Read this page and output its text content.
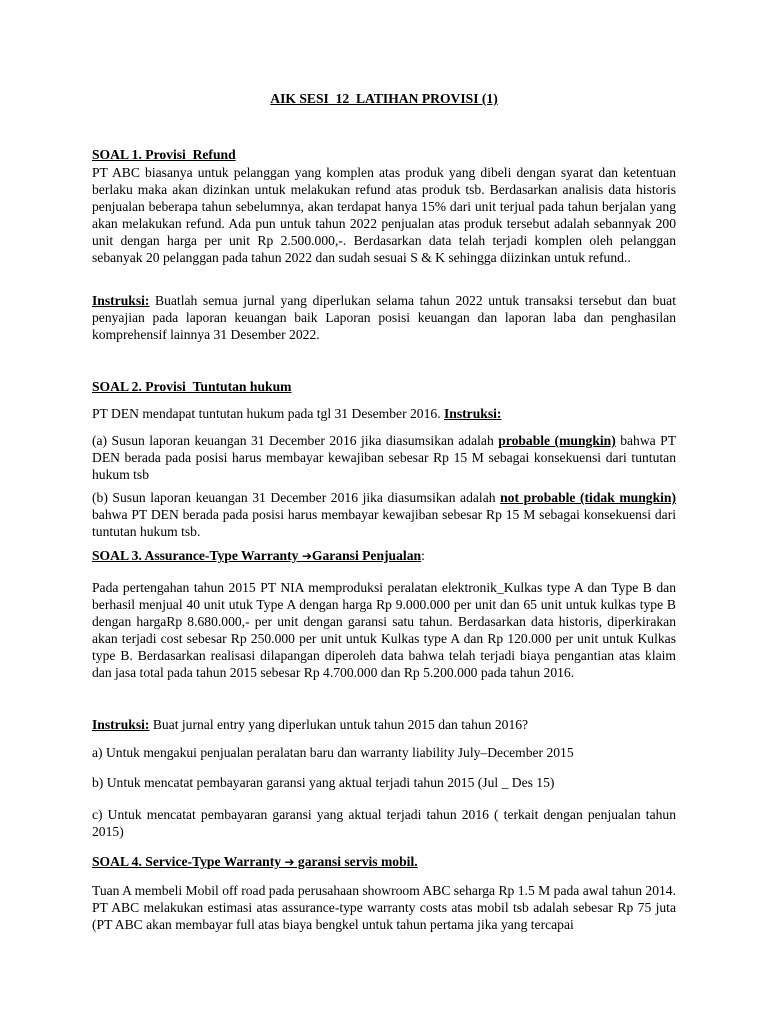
AIK SESI_12_LATIHAN PROVISI (1)

SOAL 1. Provisi_Refund

PT ABC biasanya untuk pelanggan yang komplen atas produk yang dibeli dengan syarat dan ketentuan berlaku maka akan dizinkan untuk melakukan refund atas produk tsb. Berdasarkan analisis data historis penjualan beberapa tahun sebelumnya, akan terdapat hanya 15% dari unit terjual pada tahun berjalan yang akan melakukan refund. Ada pun untuk tahun 2022 penjualan atas produk tersebut adalah sebannyak 200 unit dengan harga per unit Rp 2.500.000,-. Berdasarkan data telah terjadi komplen oleh pelanggan sebanyak 20 pelanggan pada tahun 2022 dan sudah sesuai S & K sehingga diizinkan untuk refund..

Instruksi: Buatlah semua jurnal yang diperlukan selama tahun 2022 untuk transaksi tersebut dan buat penyajian pada laporan keuangan baik Laporan posisi keuangan dan laporan laba dan penghasilan komprehensif lainnya 31 Desember 2022.

SOAL 2. Provisi_Tuntutan hukum

PT DEN mendapat tuntutan hukum pada tgl 31 Desember 2016. Instruksi:

(a) Susun laporan keuangan 31 December 2016 jika diasumsikan adalah probable (mungkin) bahwa PT DEN berada pada posisi harus membayar kewajiban sebesar Rp 15 M sebagai konsekuensi dari tuntutan hukum tsb

(b) Susun laporan keuangan 31 December 2016 jika diasumsikan adalah not probable (tidak mungkin) bahwa PT DEN berada pada posisi harus membayar kewajiban sebesar Rp 15 M sebagai konsekuensi dari tuntutan hukum tsb.

SOAL 3. Assurance-Type Warranty ➔Garansi Penjualan:

Pada pertengahan tahun 2015 PT NIA memproduksi peralatan elektronik_Kulkas type A dan Type B dan berhasil menjual 40 unit utuk Type A dengan harga Rp 9.000.000 per unit dan 65 unit untuk kulkas type B dengan hargaRp 8.680.000,- per unit dengan garansi satu tahun. Berdasarkan data historis, diperkirakan akan terjadi cost sebesar Rp 250.000 per unit untuk Kulkas type A dan Rp 120.000 per unit untuk Kulkas type B. Berdasarkan realisasi dilapangan diperoleh data bahwa telah terjadi biaya pengantian atas klaim dan jasa total pada tahun 2015 sebesar Rp 4.700.000 dan Rp 5.200.000 pada tahun 2016.

Instruksi: Buat jurnal entry yang diperlukan untuk tahun 2015 dan tahun 2016?

a) Untuk mengakui penjualan peralatan baru dan warranty liability July–December 2015

b) Untuk mencatat pembayaran garansi yang aktual terjadi tahun 2015 (Jul _ Des 15)

c) Untuk mencatat pembayaran garansi yang aktual terjadi tahun 2016 ( terkait dengan penjualan tahun 2015)

SOAL 4. Service-Type Warranty ➔ garansi servis mobil.

Tuan A membeli Mobil off road pada perusahaan showroom ABC seharga Rp 1.5 M pada awal tahun 2014. PT ABC melakukan estimasi atas assurance-type warranty costs atas mobil tsb adalah sebesar Rp 75 juta (PT ABC akan membayar full atas biaya bengkel untuk tahun pertama jika yang tercapai
